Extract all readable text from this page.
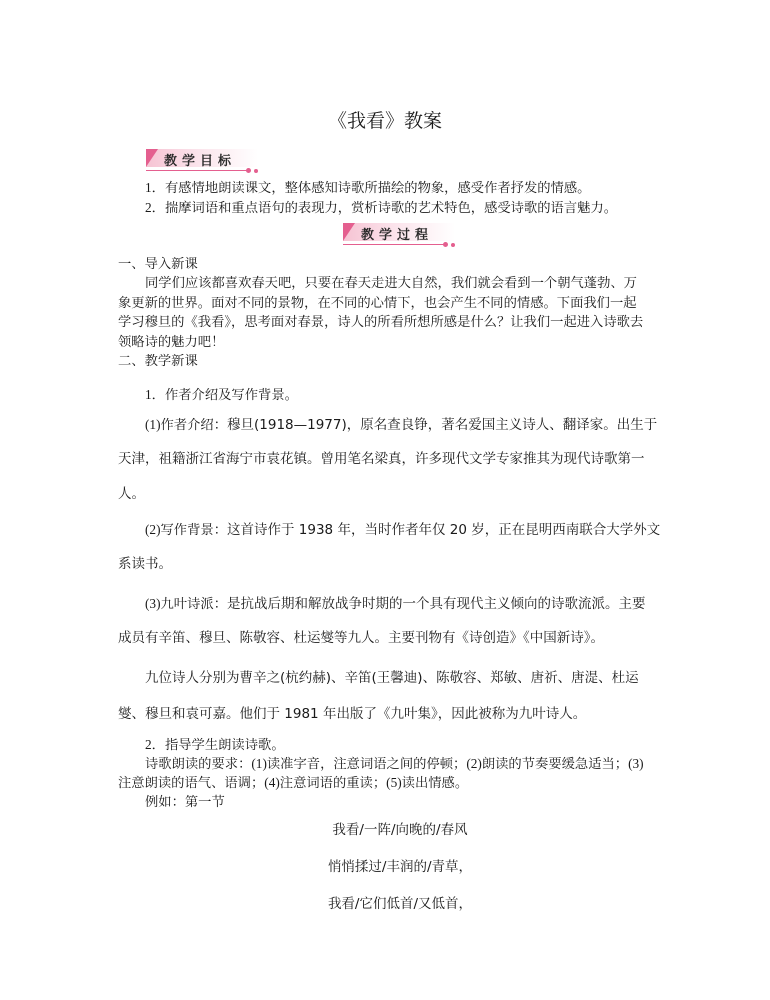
《我看》教案
教学目标
1．有感情地朗读课文，整体感知诗歌所描绘的物象，感受作者抒发的情感。
2．揣摩词语和重点语句的表现力，赏析诗歌的艺术特色，感受诗歌的语言魅力。
教学过程
一、导入新课
同学们应该都喜欢春天吧，只要在春天走进大自然，我们就会看到一个朝气蓬勃、万
象更新的世界。面对不同的景物，在不同的心情下，也会产生不同的情感。下面我们一起
学习穆旦的《我看》，思考面对春景，诗人的所看所想所感是什么？让我们一起进入诗歌去
领略诗的魅力吧！
二、教学新课
1．作者介绍及写作背景。
(1)作者介绍：穆旦(1918—1977)，原名查良铮，著名爱国主义诗人、翻译家。出生于
天津，祖籍浙江省海宁市袁花镇。曾用笔名梁真，许多现代文学专家推其为现代诗歌第一
人。
(2)写作背景：这首诗作于 1938 年，当时作者年仅 20 岁，正在昆明西南联合大学外文
系读书。
(3)九叶诗派：是抗战后期和解放战争时期的一个具有现代主义倾向的诗歌流派。主要
成员有辛笛、穆旦、陈敬容、杜运燮等九人。主要刊物有《诗创造》《中国新诗》。
九位诗人分别为曹辛之(杭约赫)、辛笛(王馨迪)、陈敬容、郑敏、唐祈、唐湜、杜运
燮、穆旦和袁可嘉。他们于 1981 年出版了《九叶集》，因此被称为九叶诗人。
2．指导学生朗读诗歌。
诗歌朗读的要求：(1)读准字音，注意词语之间的停顿；(2)朗读的节奏要缓急适当；(3)
注意朗读的语气、语调；(4)注意词语的重读；(5)读出情感。
例如：第一节
我看/一阵/向晚的/春风
悄悄揉过/丰润的/青草，
我看/它们低首/又低首，
